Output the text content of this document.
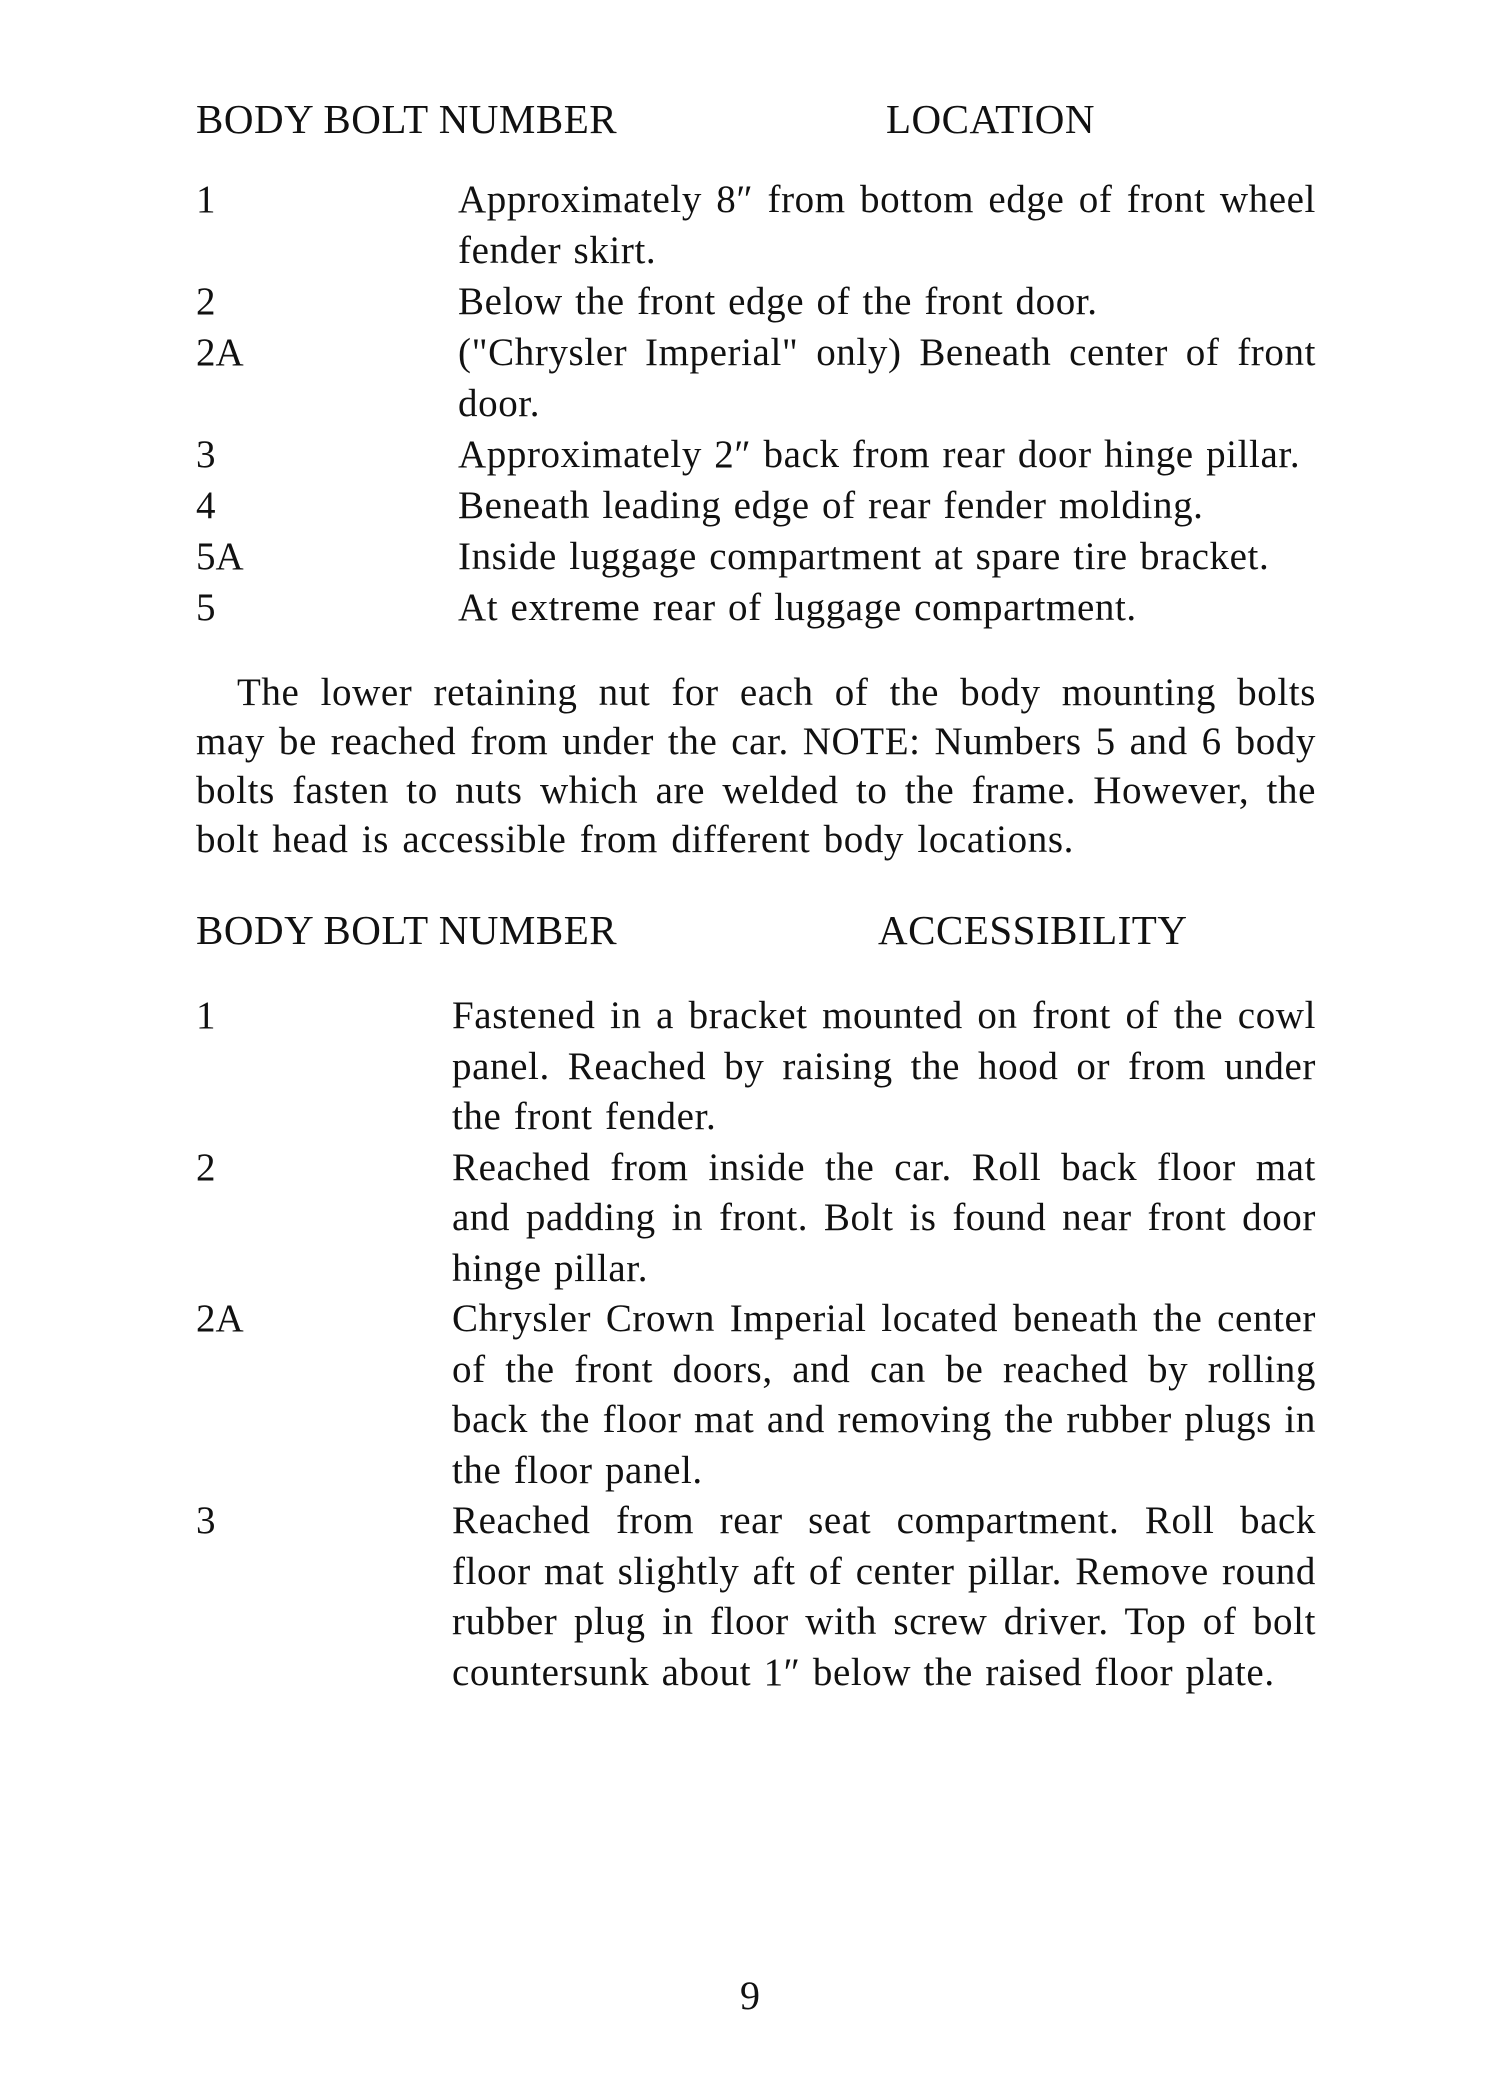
BODY BOLT NUMBER	LOCATION
1	Approximately 8″ from bottom edge of front wheel fender skirt.
2	Below the front edge of the front door.
2A	("Chrysler Imperial" only) Beneath center of front door.
3	Approximately 2″ back from rear door hinge pillar.
4	Beneath leading edge of rear fender molding.
5A	Inside luggage compartment at spare tire bracket.
5	At extreme rear of luggage compartment.

The lower retaining nut for each of the body mounting bolts may be reached from under the car. NOTE: Numbers 5 and 6 body bolts fasten to nuts which are welded to the frame. However, the bolt head is accessible from different body locations.

BODY BOLT NUMBER	ACCESSIBILITY
1	Fastened in a bracket mounted on front of the cowl panel. Reached by raising the hood or from under the front fender.
2	Reached from inside the car. Roll back floor mat and padding in front. Bolt is found near front door hinge pillar.
2A	Chrysler Crown Imperial located beneath the center of the front doors, and can be reached by rolling back the floor mat and removing the rubber plugs in the floor panel.
3	Reached from rear seat compartment. Roll back floor mat slightly aft of center pillar. Remove round rubber plug in floor with screw driver. Top of bolt countersunk about 1″ below the raised floor plate.
9
